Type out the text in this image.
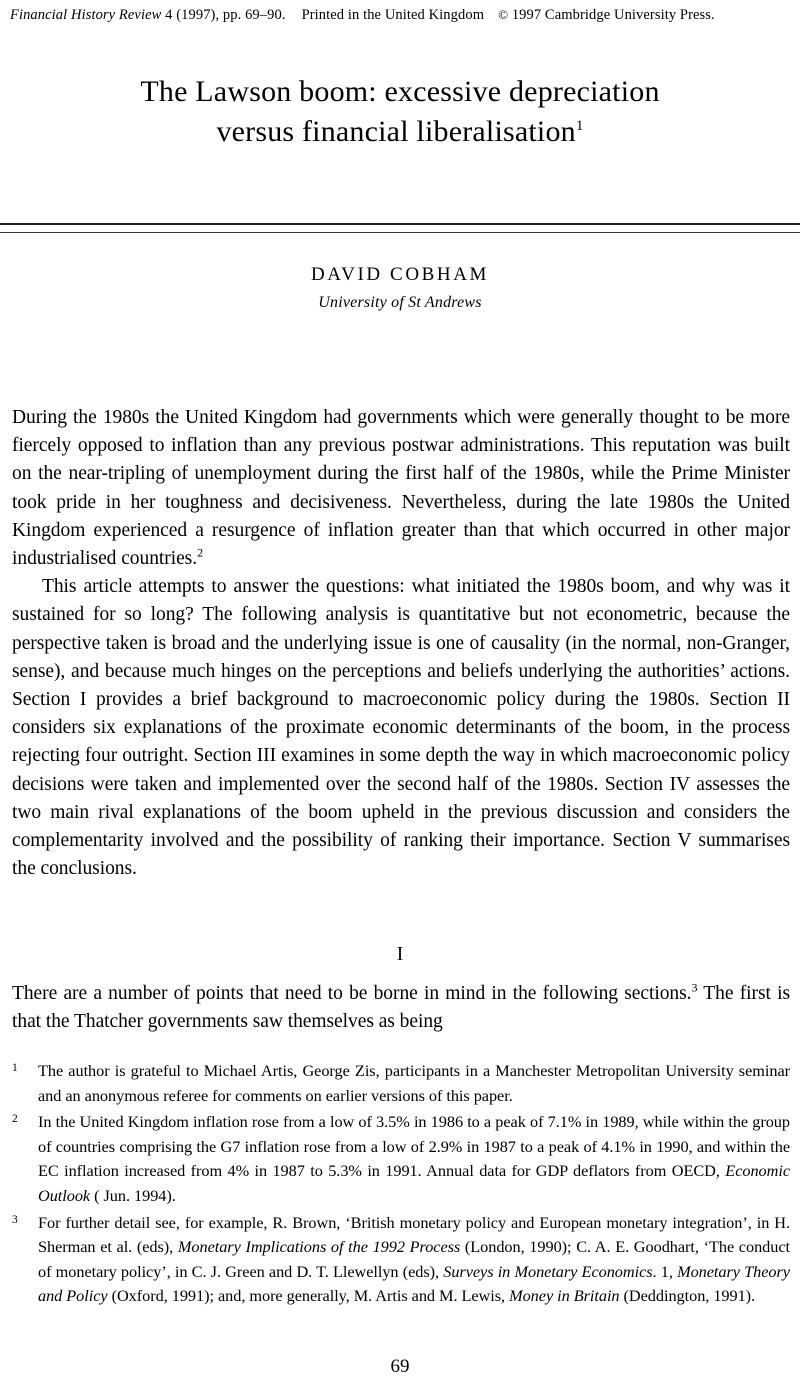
Financial History Review 4 (1997), pp. 69–90. Printed in the United Kingdom © 1997 Cambridge University Press.
The Lawson boom: excessive depreciation
versus financial liberalisation$^1$
DAVID COBHAM
University of St Andrews

During the 1980s the United Kingdom had governments which were generally thought to be more fiercely opposed to inflation than any previous postwar administrations. This reputation was built on the near-tripling of unemployment during the first half of the 1980s, while the Prime Minister took pride in her toughness and decisiveness. Nevertheless, during the late 1980s the United Kingdom experienced a resurgence of inflation greater than that which occurred in other major industrialised countries.$^2$

This article attempts to answer the questions: what initiated the 1980s boom, and why was it sustained for so long? The following analysis is quantitative but not econometric, because the perspective taken is broad and the underlying issue is one of causality (in the normal, non-Granger, sense), and because much hinges on the perceptions and beliefs underlying the authorities’ actions. Section I provides a brief background to macroeconomic policy during the 1980s. Section II considers six explanations of the proximate economic determinants of the boom, in the process rejecting four outright. Section III examines in some depth the way in which macroeconomic policy decisions were taken and implemented over the second half of the 1980s. Section IV assesses the two main rival explanations of the boom upheld in the previous discussion and considers the complementarity involved and the possibility of ranking their importance. Section V summarises the conclusions.

I

There are a number of points that need to be borne in mind in the following sections.$^3$ The first is that the Thatcher governments saw themselves as being

1 The author is grateful to Michael Artis, George Zis, participants in a Manchester Metropolitan University seminar and an anonymous referee for comments on earlier versions of this paper.
2 In the United Kingdom inflation rose from a low of 3.5% in 1986 to a peak of 7.1% in 1989, while within the group of countries comprising the G7 inflation rose from a low of 2.9% in 1987 to a peak of 4.1% in 1990, and within the EC inflation increased from 4% in 1987 to 5.3% in 1991. Annual data for GDP deflators from OECD, Economic Outlook ( Jun. 1994).
3 For further detail see, for example, R. Brown, ‘British monetary policy and European monetary integration’, in H. Sherman et al. (eds), Monetary Implications of the 1992 Process (London, 1990); C. A. E. Goodhart, ‘The conduct of monetary policy’, in C. J. Green and D. T. Llewellyn (eds), Surveys in Monetary Economics. 1, Monetary Theory and Policy (Oxford, 1991); and, more generally, M. Artis and M. Lewis, Money in Britain (Deddington, 1991).
69
